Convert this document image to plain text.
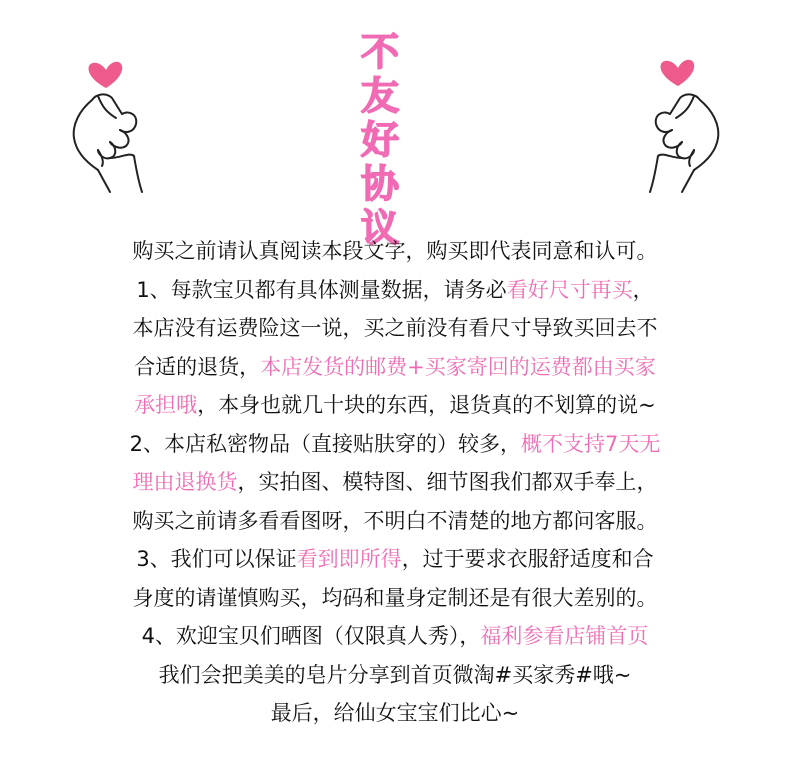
不
友
好
协
议
购买之前请认真阅读本段文字，购买即代表同意和认可。
1、每款宝贝都有具体测量数据，请务必看好尺寸再买，
本店没有运费险这一说，买之前没有看尺寸导致买回去不
合适的退货，本店发货的邮费+买家寄回的运费都由买家
承担哦，本身也就几十块的东西，退货真的不划算的说~
2、本店私密物品（直接贴肤穿的）较多，概不支持7天无
理由退换货，实拍图、模特图、细节图我们都双手奉上，
购买之前请多看看图呀，不明白不清楚的地方都问客服。
3、我们可以保证看到即所得，过于要求衣服舒适度和合
身度的请谨慎购买，均码和量身定制还是有很大差别的。
4、欢迎宝贝们晒图（仅限真人秀），福利参看店铺首页
我们会把美美的皂片分享到首页微淘#买家秀#哦~
最后，给仙女宝宝们比心~
